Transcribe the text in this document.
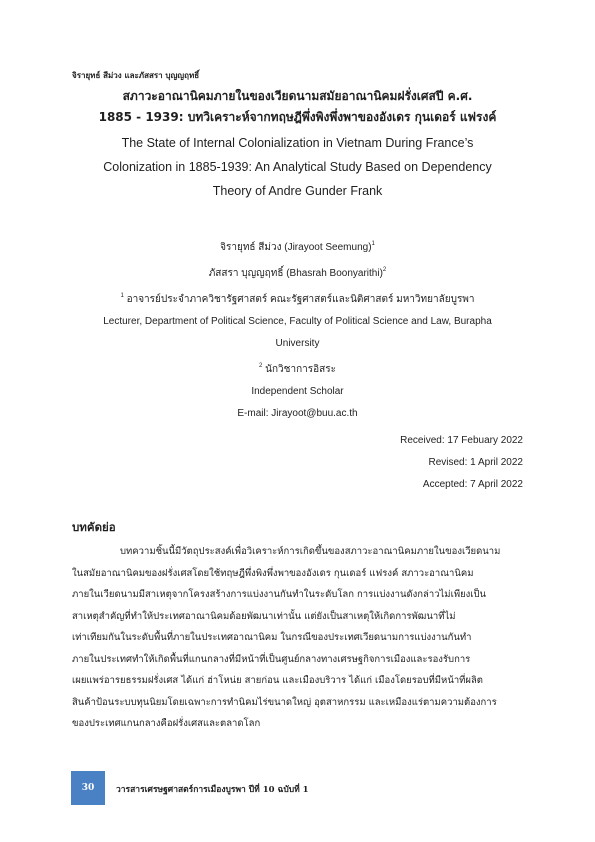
จิรายุทธ์ สีม่วง และภัสสรา บุญญฤทธิ์
สภาวะอาณานิคมภายในของเวียดนามสมัยอาณานิคมฝรั่งเศสปี ค.ศ.
1885 - 1939: บทวิเคราะห์จากทฤษฎีพึ่งพิงพึ่งพาของอังเดร กุนเดอร์ แฟรงค์
The State of Internal Colonialization in Vietnam During France’s
Colonization in 1885-1939: An Analytical Study Based on Dependency
Theory of Andre Gunder Frank
จิรายุทธ์ สีม่วง (Jirayoot Seemung)$^1$
ภัสสรา บุญญฤทธิ์ (Bhasrah Boonyarithi)$^2$
$^1$ อาจารย์ประจำภาควิชารัฐศาสตร์ คณะรัฐศาสตร์และนิติศาสตร์ มหาวิทยาลัยบูรพา
Lecturer, Department of Political Science, Faculty of Political Science and Law, Burapha
University
$^2$ นักวิชาการอิสระ
Independent Scholar
E-mail: Jirayoot@buu.ac.th
Received: 17 Febuary 2022
Revised: 1 April 2022
Accepted: 7 April 2022
บทคัดย่อ
บทความชิ้นนี้มีวัตถุประสงค์เพื่อวิเคราะห์การเกิดขึ้นของสภาวะอาณานิคมภายในของเวียดนาม
ในสมัยอาณานิคมของฝรั่งเศสโดยใช้ทฤษฎีพึ่งพิงพึ่งพาของอังเดร กุนเดอร์ แฟรงค์ สภาวะอาณานิคม
ภายในเวียดนามมีสาเหตุจากโครงสร้างการแบ่งงานกันทำในระดับโลก การแบ่งงานดังกล่าวไม่เพียงเป็น
สาเหตุสำคัญที่ทำให้ประเทศอาณานิคมด้อยพัฒนาเท่านั้น แต่ยังเป็นสาเหตุให้เกิดการพัฒนาที่ไม่
เท่าเทียมกันในระดับพื้นที่ภายในประเทศอาณานิคม ในกรณีของประเทศเวียดนามการแบ่งงานกันทำ
ภายในประเทศทำให้เกิดพื้นที่แกนกลางที่มีหน้าที่เป็นศูนย์กลางทางเศรษฐกิจการเมืองและรองรับการ
เผยแพร่อารยธรรมฝรั่งเศส ได้แก่ ฮ่าโหน่ย สายก่อน และเมืองบริวาร ได้แก่ เมืองโดยรอบที่มีหน้าที่ผลิต
สินค้าป้อนระบบทุนนิยมโดยเฉพาะการทำนิคมไร่ขนาดใหญ่ อุตสาหกรรม และเหมืองแร่ตามความต้องการ
ของประเทศแกนกลางคือฝรั่งเศสและตลาดโลก
30	วารสารเศรษฐศาสตร์การเมืองบูรพา ปีที่ 10 ฉบับที่ 1
